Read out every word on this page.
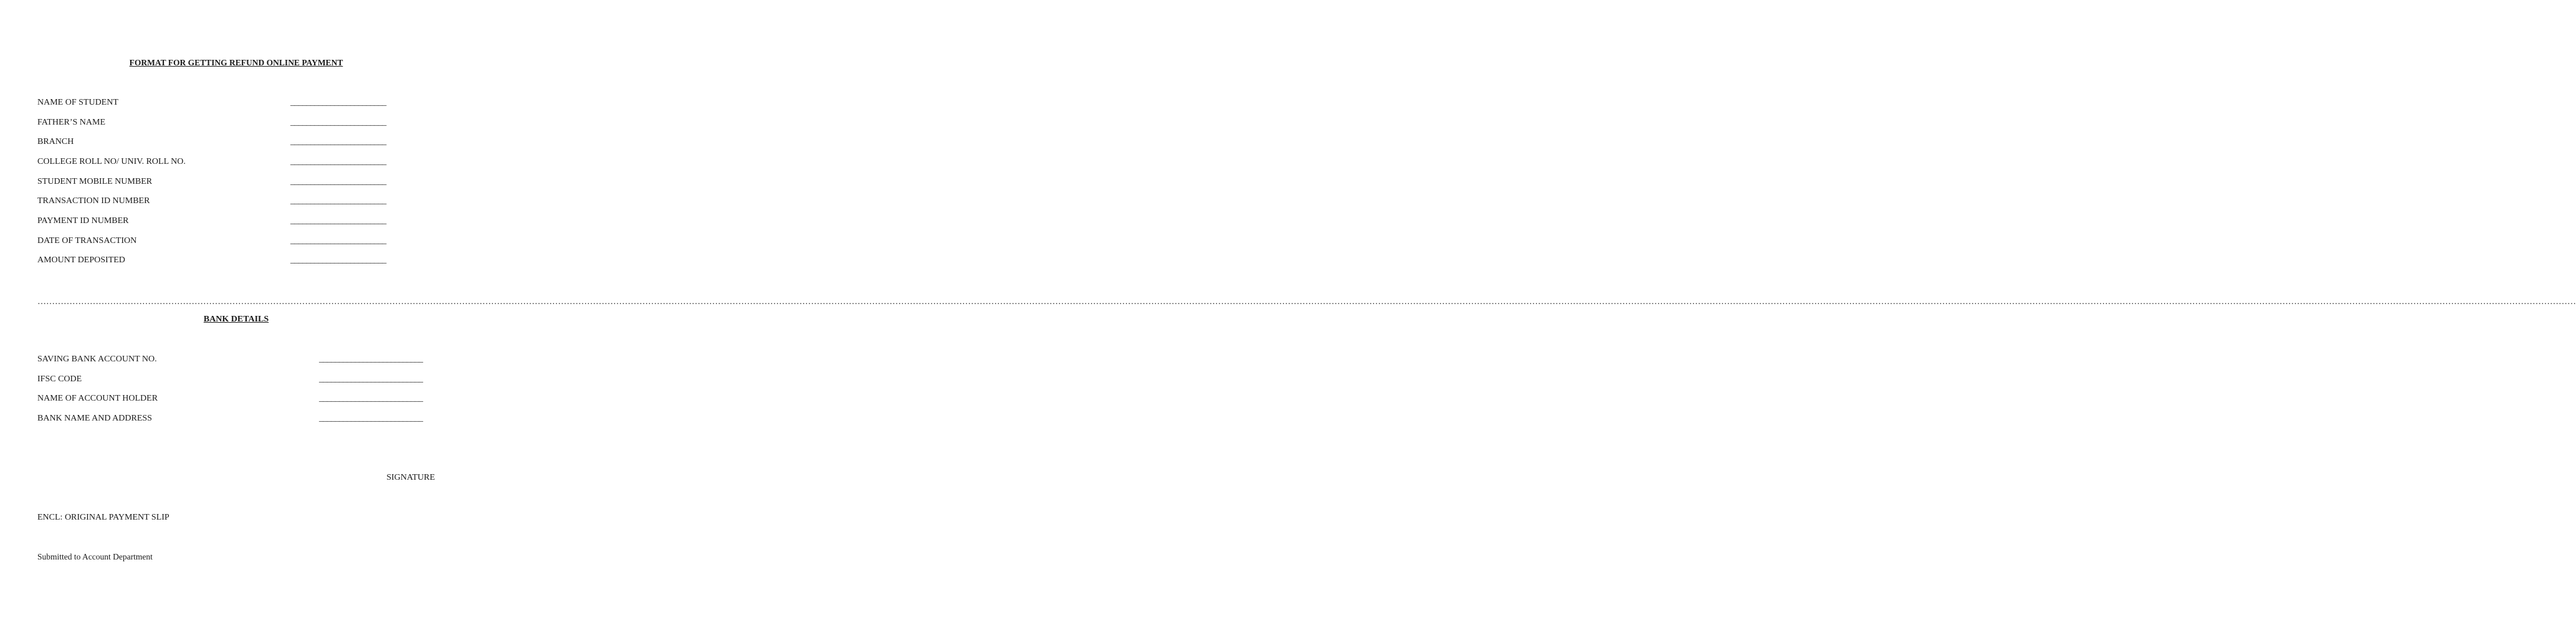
FORMAT FOR GETTING REFUND ONLINE PAYMENT
NAME OF STUDENT	________________________
FATHER’S NAME	________________________
BRANCH	________________________
COLLEGE ROLL NO/ UNIV. ROLL NO.	________________________
STUDENT MOBILE NUMBER	________________________
TRANSACTION ID NUMBER	________________________
PAYMENT ID NUMBER	________________________
DATE OF TRANSACTION	________________________
AMOUNT DEPOSITED	________________________
………………………………………………………………………………………………………………………………………………………………………………………………………………………………………………………………………………………………………………………………………………………………………………………………………………………………………………………………………………………………………………………………………………………………………………………………………………………………………………………………………………………………………………………………………………………………………………………………………
BANK DETAILS
SAVING BANK ACCOUNT NO.	__________________________
IFSC CODE	__________________________
NAME OF ACCOUNT HOLDER	__________________________
BANK NAME AND ADDRESS	__________________________
SIGNATURE
ENCL: ORIGINAL PAYMENT SLIP
Submitted to Account Department
